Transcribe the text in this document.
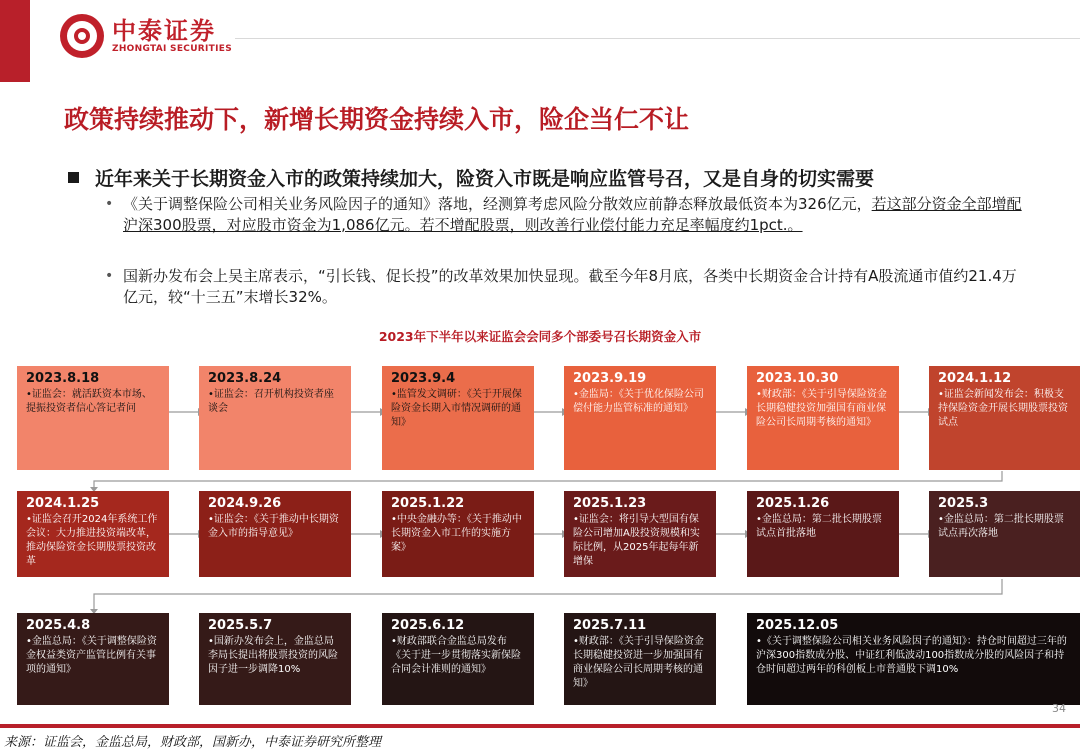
中泰证券
ZHONGTAI SECURITIES
政策持续推动下，新增长期资金持续入市，险企当仁不让
近年来关于长期资金入市的政策持续加大，险资入市既是响应监管号召，又是自身的切实需要
• 《关于调整保险公司相关业务风险因子的通知》落地，经测算考虑风险分散效应前静态释放最低资本为326亿元，若这部分资金全部增配沪深300股票，对应股市资金为1,086亿元。若不增配股票，则改善行业偿付能力充足率幅度约1pct.。
• 国新办发布会上吴主席表示，“引长钱、促长投”的改革效果加快显现。截至今年8月底，各类中长期资金合计持有A股流通市值约21.4万亿元，较“十三五”末增长32%。
2023年下半年以来证监会会同多个部委号召长期资金入市
2023.8.18
•证监会：就活跃资本市场、提振投资者信心答记者问
2023.8.24
•证监会：召开机构投资者座谈会
2023.9.4
•监管发文调研：《关于开展保险资金长期入市情况调研的通知》
2023.9.19
•金监局：《关于优化保险公司偿付能力监管标准的通知》
2023.10.30
•财政部：《关于引导保险资金长期稳健投资加强国有商业保险公司长周期考核的通知》
2024.1.12
•证监会新闻发布会：积极支持保险资金开展长期股票投资试点
2024.1.25
•证监会召开2024年系统工作会议：大力推进投资端改革，推动保险资金长期股票投资改革
2024.9.26
•证监会：《关于推动中长期资金入市的指导意见》
2025.1.22
•中央金融办等：《关于推动中长期资金入市工作的实施方案》
2025.1.23
•证监会：将引导大型国有保险公司增加A股投资规模和实际比例，从2025年起每年新增保
2025.1.26
•金监总局：第二批长期股票试点首批落地
2025.3
•金监总局：第二批长期股票试点再次落地
2025.4.8
•金监总局：《关于调整保险资金权益类资产监管比例有关事项的通知》
2025.5.7
•国新办发布会上，金监总局李局长提出将股票投资的风险因子进一步调降10%
2025.6.12
•财政部联合金监总局发布《关于进一步贯彻落实新保险合同会计准则的通知》
2025.7.11
•财政部：《关于引导保险资金长期稳健投资进一步加强国有商业保险公司长周期考核的通知》
2025.12.05
•《关于调整保险公司相关业务风险因子的通知》：持仓时间超过三年的沪深300指数成分股、中证红利低波动100指数成分股的风险因子和持仓时间超过两年的科创板上市普通股下调10%
34
来源：证监会，金监总局，财政部，国新办，中泰证券研究所整理
